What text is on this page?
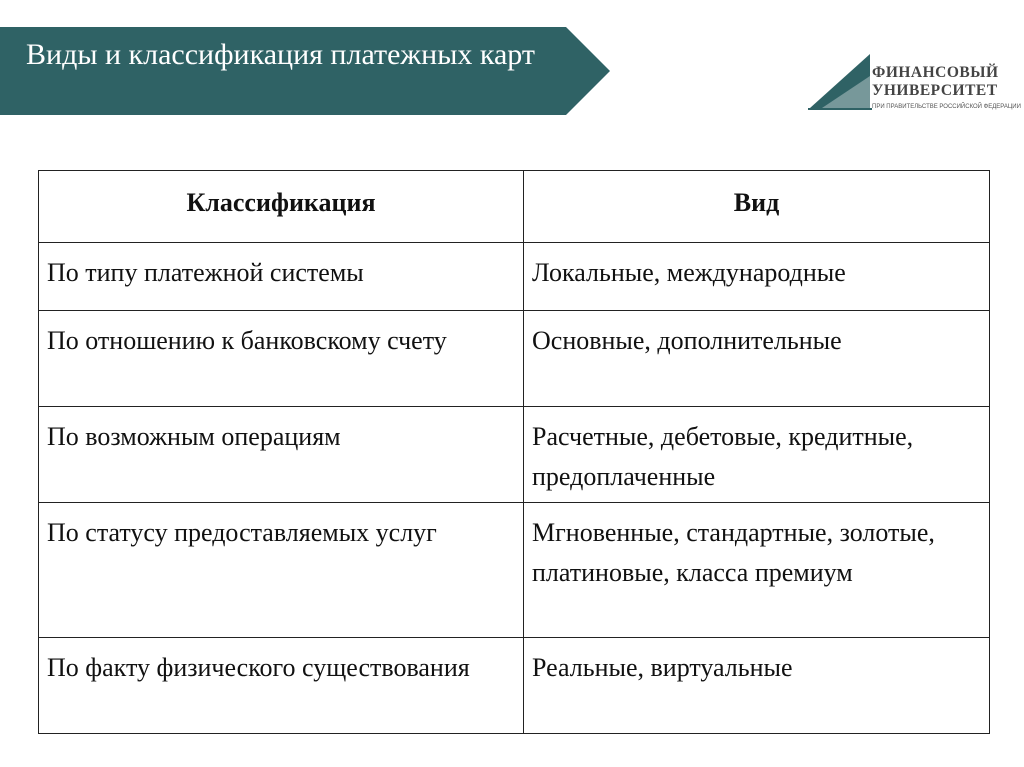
Виды и классификация платежных карт
ФИНАНСОВЫЙ
УНИВЕРСИТЕТ
ПРИ ПРАВИТЕЛЬСТВЕ РОССИЙСКОЙ ФЕДЕРАЦИИ
Классификация	Вид
По типу платежной системы	Локальные, международные
По отношению к банковскому счету	Основные, дополнительные
По возможным операциям	Расчетные, дебетовые, кредитные, предоплаченные
По статусу предоставляемых услуг	Мгновенные, стандартные, золотые, платиновые, класса премиум
По факту физического существования	Реальные, виртуальные
